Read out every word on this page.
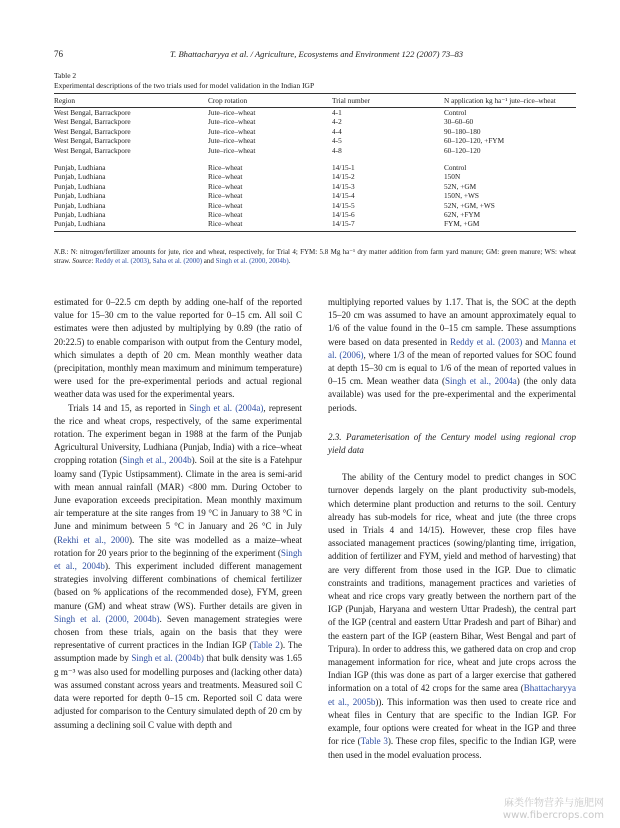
76	T. Bhattacharyya et al. / Agriculture, Ecosystems and Environment 122 (2007) 73–83
Table 2
Experimental descriptions of the two trials used for model validation in the Indian IGP
Region	Crop rotation	Trial number	N application kg ha⁻¹ jute–rice–wheat
West Bengal, Barrackpore	Jute–rice–wheat	4-1	Control
West Bengal, Barrackpore	Jute–rice–wheat	4-2	30–60–60
West Bengal, Barrackpore	Jute–rice–wheat	4-4	90–180–180
West Bengal, Barrackpore	Jute–rice–wheat	4-5	60–120–120, +FYM
West Bengal, Barrackpore	Jute–rice–wheat	4-8	60–120–120

Punjab, Ludhiana	Rice–wheat	14/15-1	Control
Punjab, Ludhiana	Rice–wheat	14/15-2	150N
Punjab, Ludhiana	Rice–wheat	14/15-3	52N, +GM
Punjab, Ludhiana	Rice–wheat	14/15-4	150N, +WS
Punjab, Ludhiana	Rice–wheat	14/15-5	52N, +GM, +WS
Punjab, Ludhiana	Rice–wheat	14/15-6	62N, +FYM
Punjab, Ludhiana	Rice–wheat	14/15-7	FYM, +GM
N.B.: N: nitrogen/fertilizer amounts for jute, rice and wheat, respectively, for Trial 4; FYM: 5.8 Mg ha⁻¹ dry matter addition from farm yard manure; GM: green manure; WS: wheat straw. Source: Reddy et al. (2003), Saha et al. (2000) and Singh et al. (2000, 2004b).

estimated for 0–22.5 cm depth by adding one-half of the reported value for 15–30 cm to the value reported for 0–15 cm. All soil C estimates were then adjusted by multiplying by 0.89 (the ratio of 20:22.5) to enable comparison with output from the Century model, which simulates a depth of 20 cm. Mean monthly weather data (precipitation, monthly mean maximum and minimum temperature) were used for the pre-experimental periods and actual regional weather data was used for the experimental years.

Trials 14 and 15, as reported in Singh et al. (2004a), represent the rice and wheat crops, respectively, of the same experimental rotation. The experiment began in 1988 at the farm of the Punjab Agricultural University, Ludhiana (Punjab, India) with a rice–wheat cropping rotation (Singh et al., 2004b). Soil at the site is a Fatehpur loamy sand (Typic Ustipsamment). Climate in the area is semi-arid with mean annual rainfall (MAR) <800 mm. During October to June evaporation exceeds precipitation. Mean monthly maximum air temperature at the site ranges from 19 °C in January to 38 °C in June and minimum between 5 °C in January and 26 °C in July (Rekhi et al., 2000). The site was modelled as a maize–wheat rotation for 20 years prior to the beginning of the experiment (Singh et al., 2004b). This experiment included different management strategies involving different combinations of chemical fertilizer (based on % applications of the recommended dose), FYM, green manure (GM) and wheat straw (WS). Further details are given in Singh et al. (2000, 2004b). Seven management strategies were chosen from these trials, again on the basis that they were representative of current practices in the Indian IGP (Table 2). The assumption made by Singh et al. (2004b) that bulk density was 1.65 g m⁻³ was also used for modelling purposes and (lacking other data) was assumed constant across years and treatments. Measured soil C data were reported for depth 0–15 cm. Reported soil C data were adjusted for comparison to the Century simulated depth of 20 cm by assuming a declining soil C value with depth and

multiplying reported values by 1.17. That is, the SOC at the depth 15–20 cm was assumed to have an amount approximately equal to 1/6 of the value found in the 0–15 cm sample. These assumptions were based on data presented in Reddy et al. (2003) and Manna et al. (2006), where 1/3 of the mean of reported values for SOC found at depth 15–30 cm is equal to 1/6 of the mean of reported values in 0–15 cm. Mean weather data (Singh et al., 2004a) (the only data available) was used for the pre-experimental and the experimental periods.

2.3. Parameterisation of the Century model using regional crop yield data

The ability of the Century model to predict changes in SOC turnover depends largely on the plant productivity sub-models, which determine plant production and returns to the soil. Century already has sub-models for rice, wheat and jute (the three crops used in Trials 4 and 14/15). However, these crop files have associated management practices (sowing/planting time, irrigation, addition of fertilizer and FYM, yield and method of harvesting) that are very different from those used in the IGP. Due to climatic constraints and traditions, management practices and varieties of wheat and rice crops vary greatly between the northern part of the IGP (Punjab, Haryana and western Uttar Pradesh), the central part of the IGP (central and eastern Uttar Pradesh and part of Bihar) and the eastern part of the IGP (eastern Bihar, West Bengal and part of Tripura). In order to address this, we gathered data on crop and crop management information for rice, wheat and jute crops across the Indian IGP (this was done as part of a larger exercise that gathered information on a total of 42 crops for the same area (Bhattacharyya et al., 2005b)). This information was then used to create rice and wheat files in Century that are specific to the Indian IGP. For example, four options were created for wheat in the IGP and three for rice (Table 3). These crop files, specific to the Indian IGP, were then used in the model evaluation process.

麻类作物营养与施肥网
www.fibercrops.com
